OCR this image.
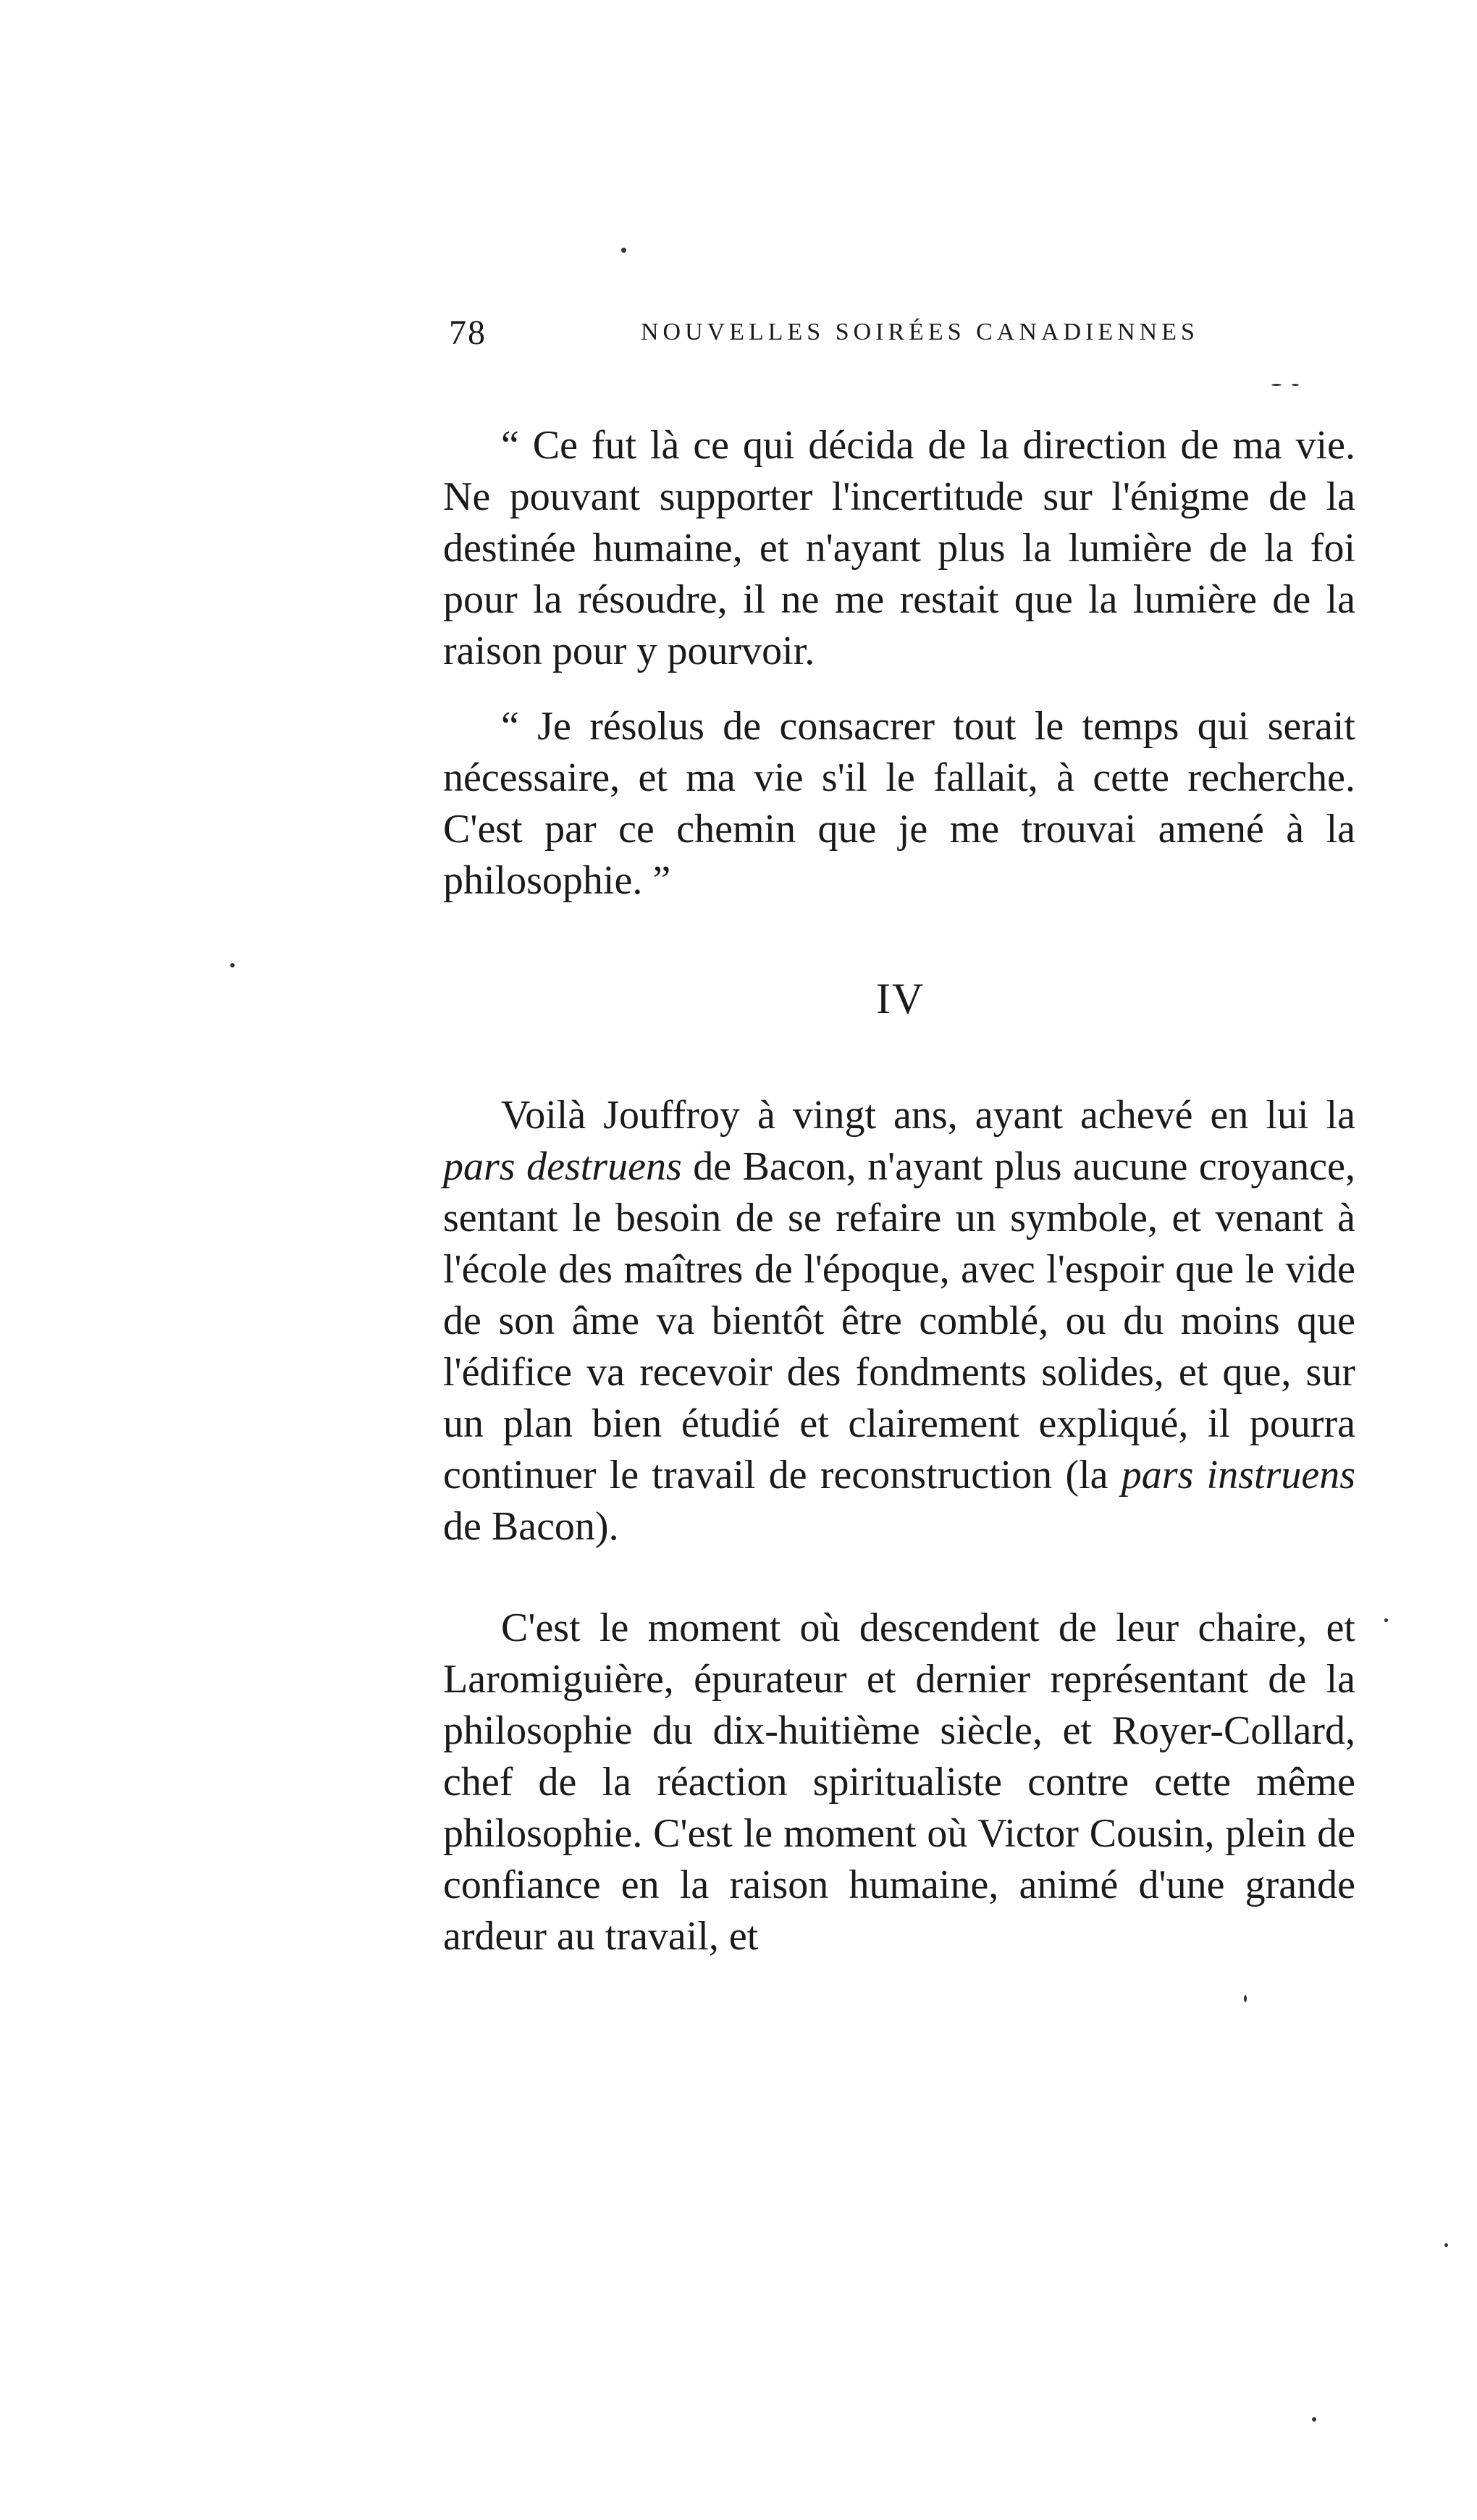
78	NOUVELLES SOIRÉES CANADIENNES

“ Ce fut là ce qui décida de la direction de ma vie. Ne pouvant supporter l'incertitude sur l'énigme de la destinée humaine, et n'ayant plus la lumière de la foi pour la résoudre, il ne me restait que la lumière de la raison pour y pourvoir.

“ Je résolus de consacrer tout le temps qui serait nécessaire, et ma vie s'il le fallait, à cette recherche. C'est par ce chemin que je me trouvai amené à la philosophie. ”

IV

Voilà Jouffroy à vingt ans, ayant achevé en lui la pars destruens de Bacon, n'ayant plus aucune croyance, sentant le besoin de se refaire un symbole, et venant à l'école des maîtres de l'époque, avec l'espoir que le vide de son âme va bientôt être comblé, ou du moins que l'édifice va recevoir des fondments solides, et que, sur un plan bien étudié et clairement expliqué, il pourra continuer le travail de reconstruction (la pars instruens de Bacon).

C'est le moment où descendent de leur chaire, et Laromiguière, épurateur et dernier représentant de la philosophie du dix-huitième siècle, et Royer-Collard, chef de la réaction spiritualiste contre cette même philosophie. C'est le moment où Victor Cousin, plein de confiance en la raison humaine, animé d'une grande ardeur au travail, et
